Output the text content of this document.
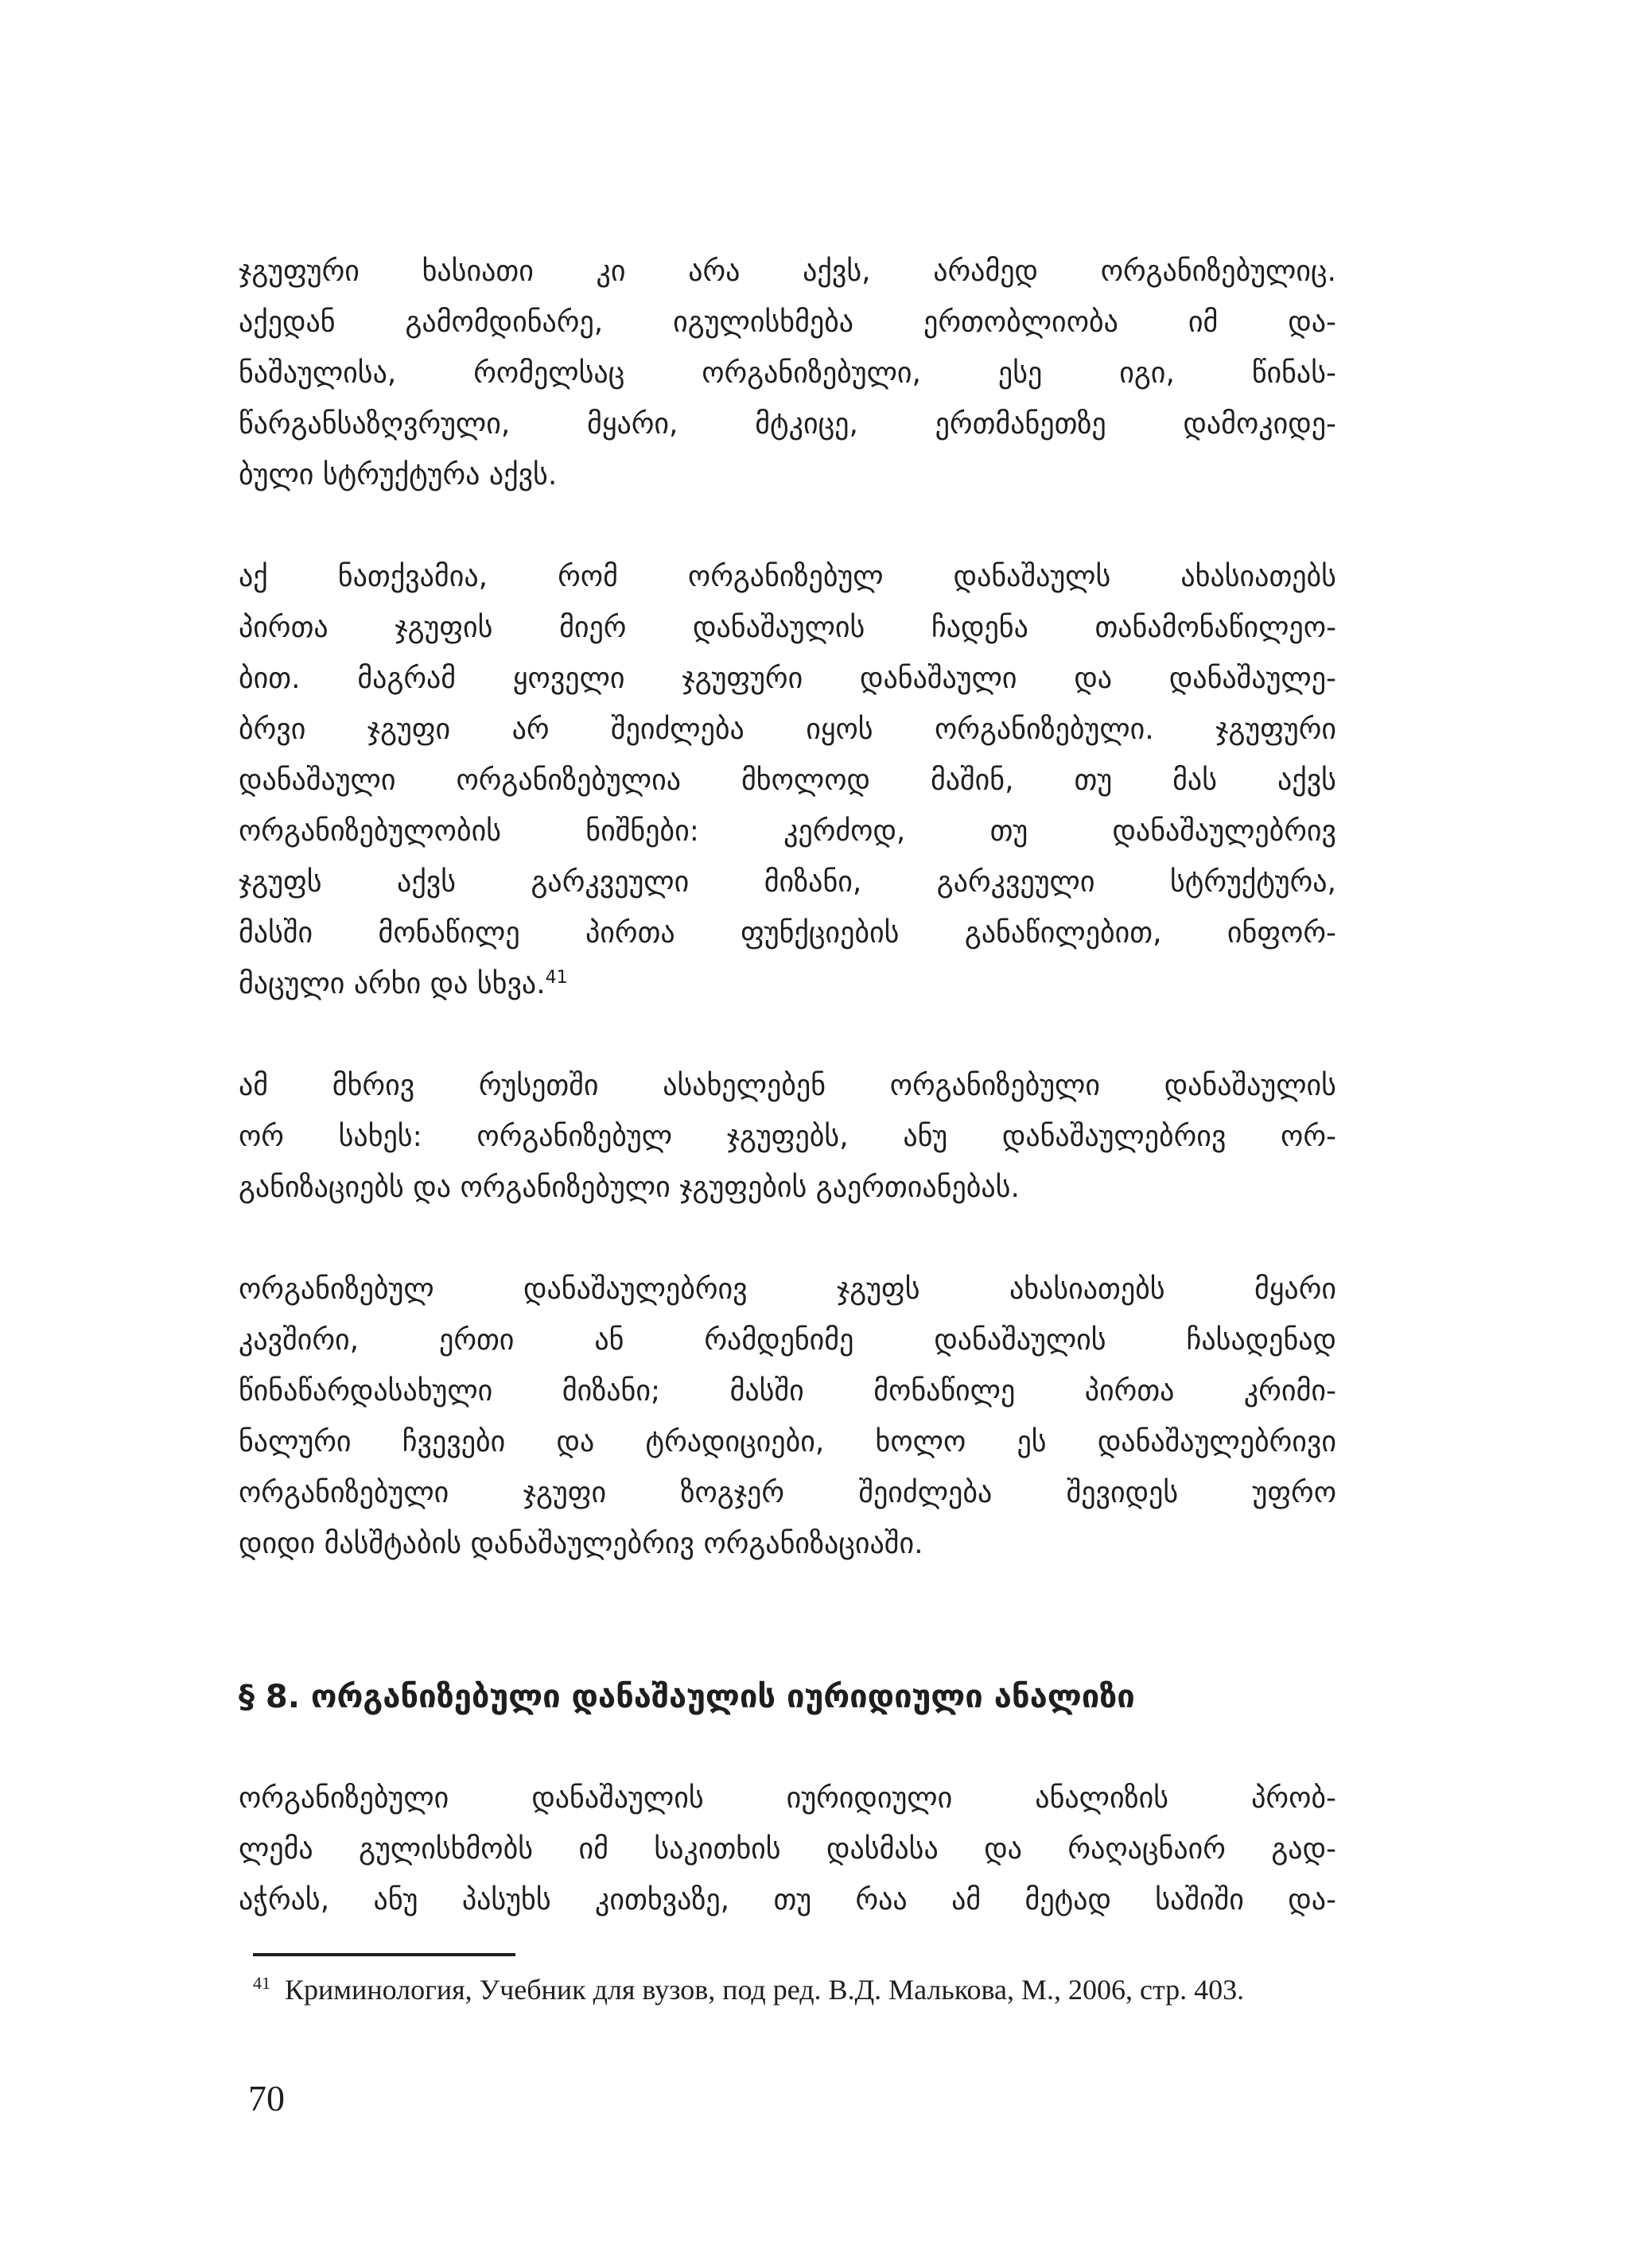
ჯგუფური ხასიათი კი არა აქვს, არამედ ორგანიზებულიც.
აქედან გამომდინარე, იგულისხმება ერთობლიობა იმ და-
ნაშაულისა, რომელსაც ორგანიზებული, ესე იგი, წინას-
წარგანსაზღვრული, მყარი, მტკიცე, ერთმანეთზე დამოკიდე-
ბული სტრუქტურა აქვს.

აქ ნათქვამია, რომ ორგანიზებულ დანაშაულს ახასიათებს
პირთა ჯგუფის მიერ დანაშაულის ჩადენა თანამონაწილეო-
ბით. მაგრამ ყოველი ჯგუფური დანაშაული და დანაშაულე-
ბრვი ჯგუფი არ შეიძლება იყოს ორგანიზებული. ჯგუფური
დანაშაული ორგანიზებულია მხოლოდ მაშინ, თუ მას აქვს
ორგანიზებულობის ნიშნები: კერძოდ, თუ დანაშაულებრივ
ჯგუფს აქვს გარკვეული მიზანი, გარკვეული სტრუქტურა,
მასში მონაწილე პირთა ფუნქციების განაწილებით, ინფორ-
მაცული არხი და სხვა.$^{41}$

ამ მხრივ რუსეთში ასახელებენ ორგანიზებული დანაშაულის
ორ სახეს: ორგანიზებულ ჯგუფებს, ანუ დანაშაულებრივ ორ-
განიზაციებს და ორგანიზებული ჯგუფების გაერთიანებას.

ორგანიზებულ დანაშაულებრივ ჯგუფს ახასიათებს მყარი
კავშირი, ერთი ან რამდენიმე დანაშაულის ჩასადენად
წინაწარდასახული მიზანი; მასში მონაწილე პირთა კრიმი-
ნალური ჩვევები და ტრადიციები, ხოლო ეს დანაშაულებრივი
ორგანიზებული ჯგუფი ზოგჯერ შეიძლება შევიდეს უფრო
დიდი მასშტაბის დანაშაულებრივ ორგანიზაციაში.

§ 8. ორგანიზებული დანაშაულის იურიდიული ანალიზი

ორგანიზებული დანაშაულის იურიდიული ანალიზის პრობ-
ლემა გულისხმობს იმ საკითხის დასმასა და რაღაცნაირ გად-
აჭრას, ანუ პასუხს კითხვაზე, თუ რაა ამ მეტად საშიში და-

$^{41}$ Криминология, Учебник для вузов, под ред. В.Д. Малькова, М., 2006, стр. 403.
70
